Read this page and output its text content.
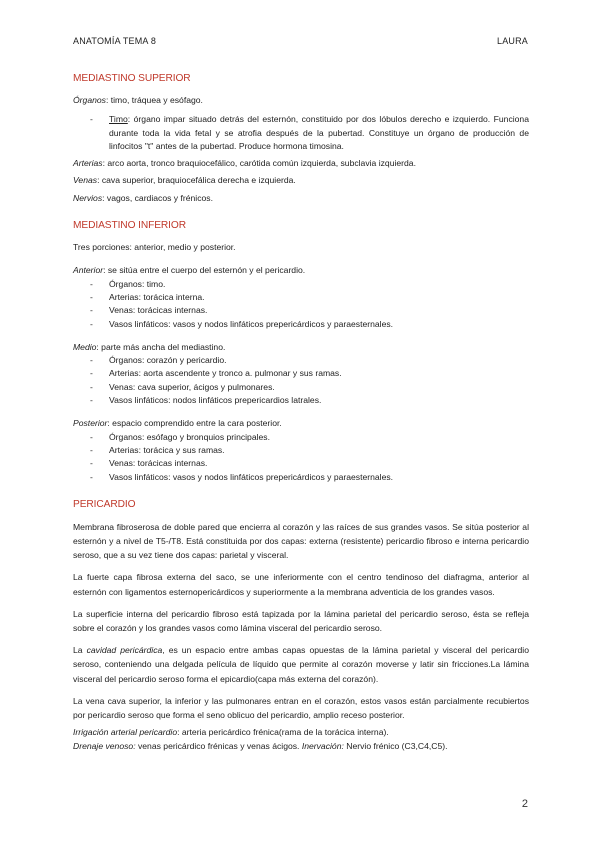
ANATOMÍA TEMA 8	LAURA
MEDIASTINO SUPERIOR

Órganos: timo, tráquea y esófago.

-	Timo: órgano impar situado detrás del esternón, constituido por dos lóbulos derecho e izquierdo. Funciona durante toda la vida fetal y se atrofia después de la pubertad. Constituye un órgano de producción de linfocitos "t" antes de la pubertad. Produce hormona timosina.

Arterias: arco aorta, tronco braquiocefálico, carótida común izquierda, subclavia izquierda.

Venas: cava superior, braquiocefálica derecha e izquierda.

Nervios: vagos, cardiacos y frénicos.

MEDIASTINO INFERIOR

Tres porciones: anterior, medio y posterior.

Anterior: se sitúa entre el cuerpo del esternón y el pericardio.

-	Órganos: timo.
-	Arterias: torácica interna.
-	Venas: torácicas internas.
-	Vasos linfáticos: vasos y nodos linfáticos prepericárdicos y paraesternales.

Medio: parte más ancha del mediastino.

-	Órganos: corazón y pericardio.
-	Arterias: aorta ascendente y tronco a. pulmonar y sus ramas.
-	Venas: cava superior, ácigos y pulmonares.
-	Vasos linfáticos: nodos linfáticos prepericardios latrales.

Posterior: espacio comprendido entre la cara posterior.

-	Órganos: esófago y bronquios principales.
-	Arterias: torácica y sus ramas.
-	Venas: torácicas internas.
-	Vasos linfáticos: vasos y nodos linfáticos prepericárdicos y paraesternales.
PERICARDIO

Membrana fibroserosa de doble pared que encierra al corazón y las raíces de sus grandes vasos. Se sitúa posterior al esternón y a nivel de T5-/T8. Está constituida por dos capas: externa (resistente) pericardio fibroso e interna pericardio seroso, que a su vez tiene dos capas: parietal y visceral.

La fuerte capa fibrosa externa del saco, se une inferiormente con el centro tendinoso del diafragma, anterior al esternón con ligamentos esternopericárdicos y superiormente a la membrana adventicia de los grandes vasos.

La superficie interna del pericardio fibroso está tapizada por la lámina parietal del pericardio seroso, ésta se refleja sobre el corazón y los grandes vasos como lámina visceral del pericardio seroso.

La cavidad pericárdica, es un espacio entre ambas capas opuestas de la lámina parietal y visceral del pericardio seroso, conteniendo una delgada película de líquido que permite al corazón moverse y latir sin fricciones.La lámina visceral del pericardio seroso forma el epicardio(capa más externa del corazón).

La vena cava superior, la inferior y las pulmonares entran en el corazón, estos vasos están parcialmente recubiertos por pericardio seroso que forma el seno oblicuo del pericardio, amplio receso posterior.

Irrigación arterial pericardio: arteria pericárdico frénica(rama de la torácica interna).

Drenaje venoso: venas pericárdico frénicas y venas ácigos. Inervación: Nervio frénico (C3,C4,C5).

2
